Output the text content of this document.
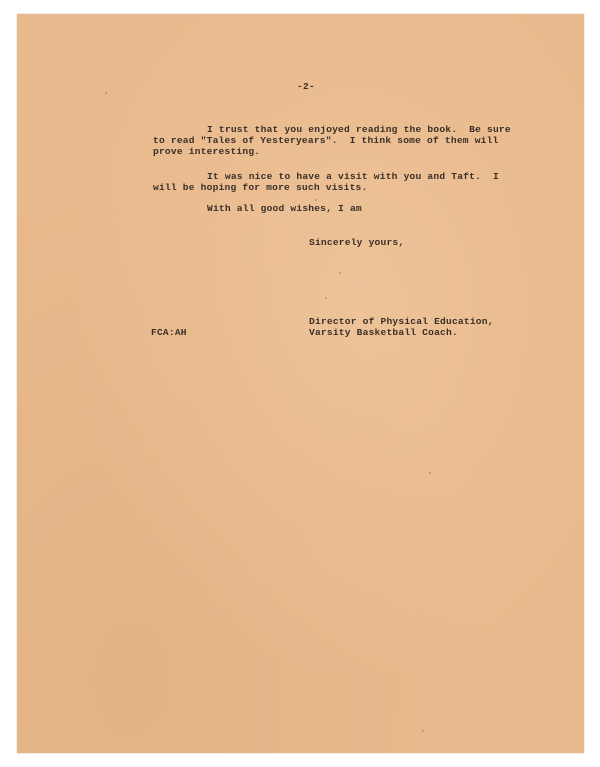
-2-
I trust that you enjoyed reading the book.  Be sure
to read "Tales of Yesteryears".  I think some of them will
prove interesting.
It was nice to have a visit with you and Taft.  I
will be hoping for more such visits.
With all good wishes, I am
Sincerely yours,
Director of Physical Education,
Varsity Basketball Coach.
FCA:AH
